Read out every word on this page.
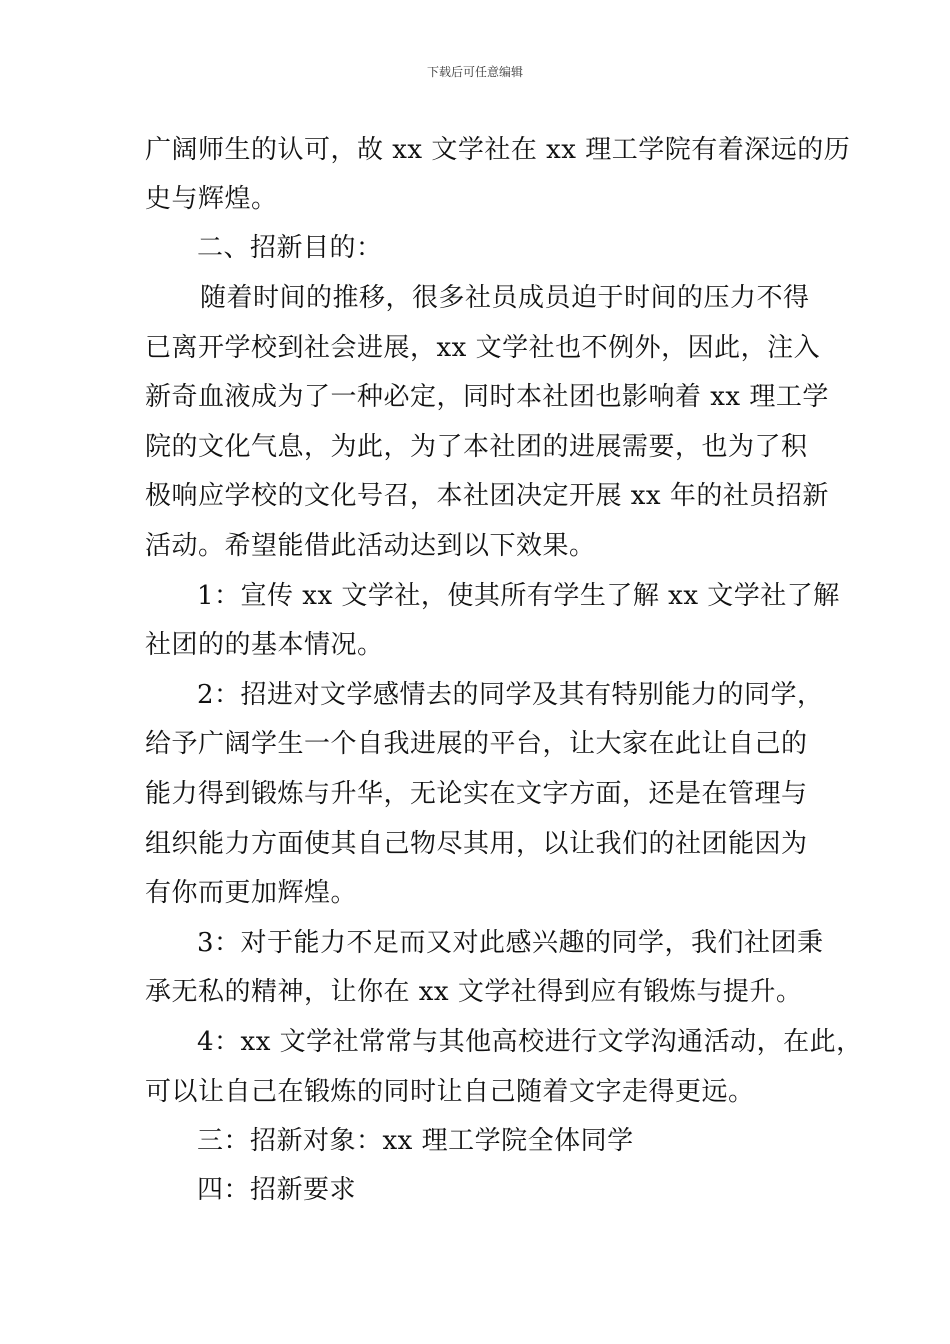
下载后可任意编辑
广阔师生的认可，故 xx 文学社在 xx 理工学院有着深远的历
史与辉煌。
二、招新目的：
随着时间的推移，很多社员成员迫于时间的压力不得
已离开学校到社会进展，xx 文学社也不例外，因此，注入
新奇血液成为了一种必定，同时本社团也影响着 xx 理工学
院的文化气息，为此，为了本社团的进展需要，也为了积
极响应学校的文化号召，本社团决定开展 xx 年的社员招新
活动。希望能借此活动达到以下效果。
1：宣传 xx 文学社，使其所有学生了解 xx 文学社了解
社团的的基本情况。
2：招进对文学感情去的同学及其有特别能力的同学，
给予广阔学生一个自我进展的平台，让大家在此让自己的
能力得到锻炼与升华，无论实在文字方面，还是在管理与
组织能力方面使其自己物尽其用，以让我们的社团能因为
有你而更加辉煌。
3：对于能力不足而又对此感兴趣的同学，我们社团秉
承无私的精神，让你在 xx 文学社得到应有锻炼与提升。
4：xx 文学社常常与其他高校进行文学沟通活动，在此，
可以让自己在锻炼的同时让自己随着文字走得更远。
三：招新对象：xx 理工学院全体同学
四：招新要求
